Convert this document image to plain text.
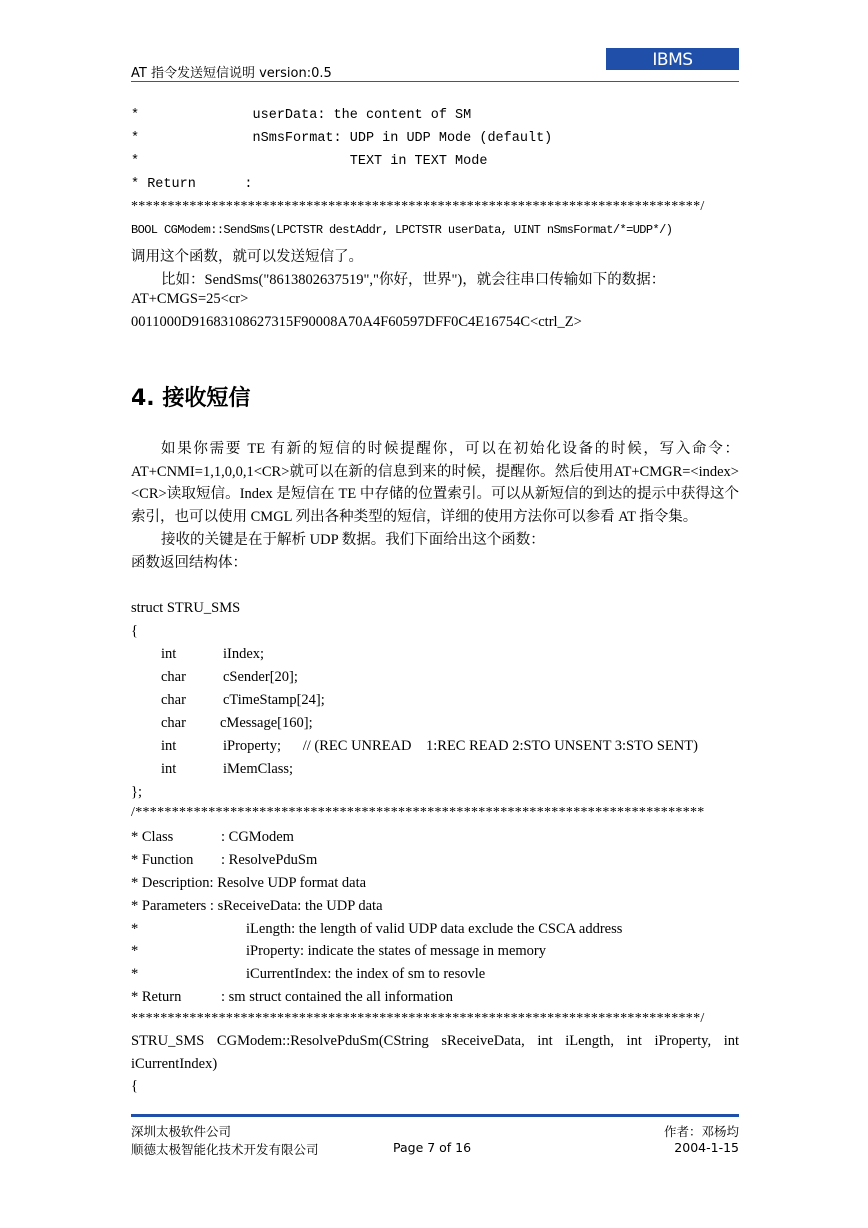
AT 指令发送短信说明 version:0.5
IBMS
*              userData: the content of SM
*              nSmsFormat: UDP in UDP Mode (default)
*                          TEXT in TEXT Mode
* Return      :
******************************************************************************/
BOOL CGModem::SendSms(LPCTSTR destAddr, LPCTSTR userData, UINT nSmsFormat/*=UDP*/)
调用这个函数，就可以发送短信了。
比如：SendSms("8613802637519","你好，世界")，就会往串口传输如下的数据：
AT+CMGS=25<cr>
0011000D91683108627315F90008A70A4F60597DFF0C4E16754C<ctrl_Z>
4. 接收短信

如果你需要 TE 有新的短信的时候提醒你，可以在初始化设备的时候，写入命令：AT+CNMI=1,1,0,0,1<CR>就可以在新的信息到来的时候，提醒你。然后使用AT+CMGR=<index><CR>读取短信。Index 是短信在 TE 中存储的位置索引。可以从新短信的到达的提示中获得这个索引，也可以使用 CMGL 列出各种类型的短信，详细的使用方法你可以参看 AT 指令集。

接收的关键是在于解析 UDP 数据。我们下面给出这个函数：

函数返回结构体：

struct STRU_SMS
{
int	iIndex;
char	cSender[20];
char	cTimeStamp[24];
char cMessage[160];
int	iProperty;      // (REC UNREAD    1:REC READ 2:STO UNSENT 3:STO SENT)
int	iMemClass;
};
/******************************************************************************
* Class	: CGModem
* Function : ResolvePduSm
* Description: Resolve UDP format data
* Parameters : sReceiveData: the UDP data
*	iLength: the length of valid UDP data exclude the CSCA address
*	iProperty: indicate the states of message in memory
*	iCurrentIndex: the index of sm to resovle
* Return	: sm struct contained the all information
******************************************************************************/

STRU_SMS CGModem::ResolvePduSm(CString sReceiveData, int iLength, int iProperty, int iCurrentIndex)

{
深圳太极软件公司
顺德太极智能化技术开发有限公司	Page 7 of 16
作者：邓杨均
2004-1-15
